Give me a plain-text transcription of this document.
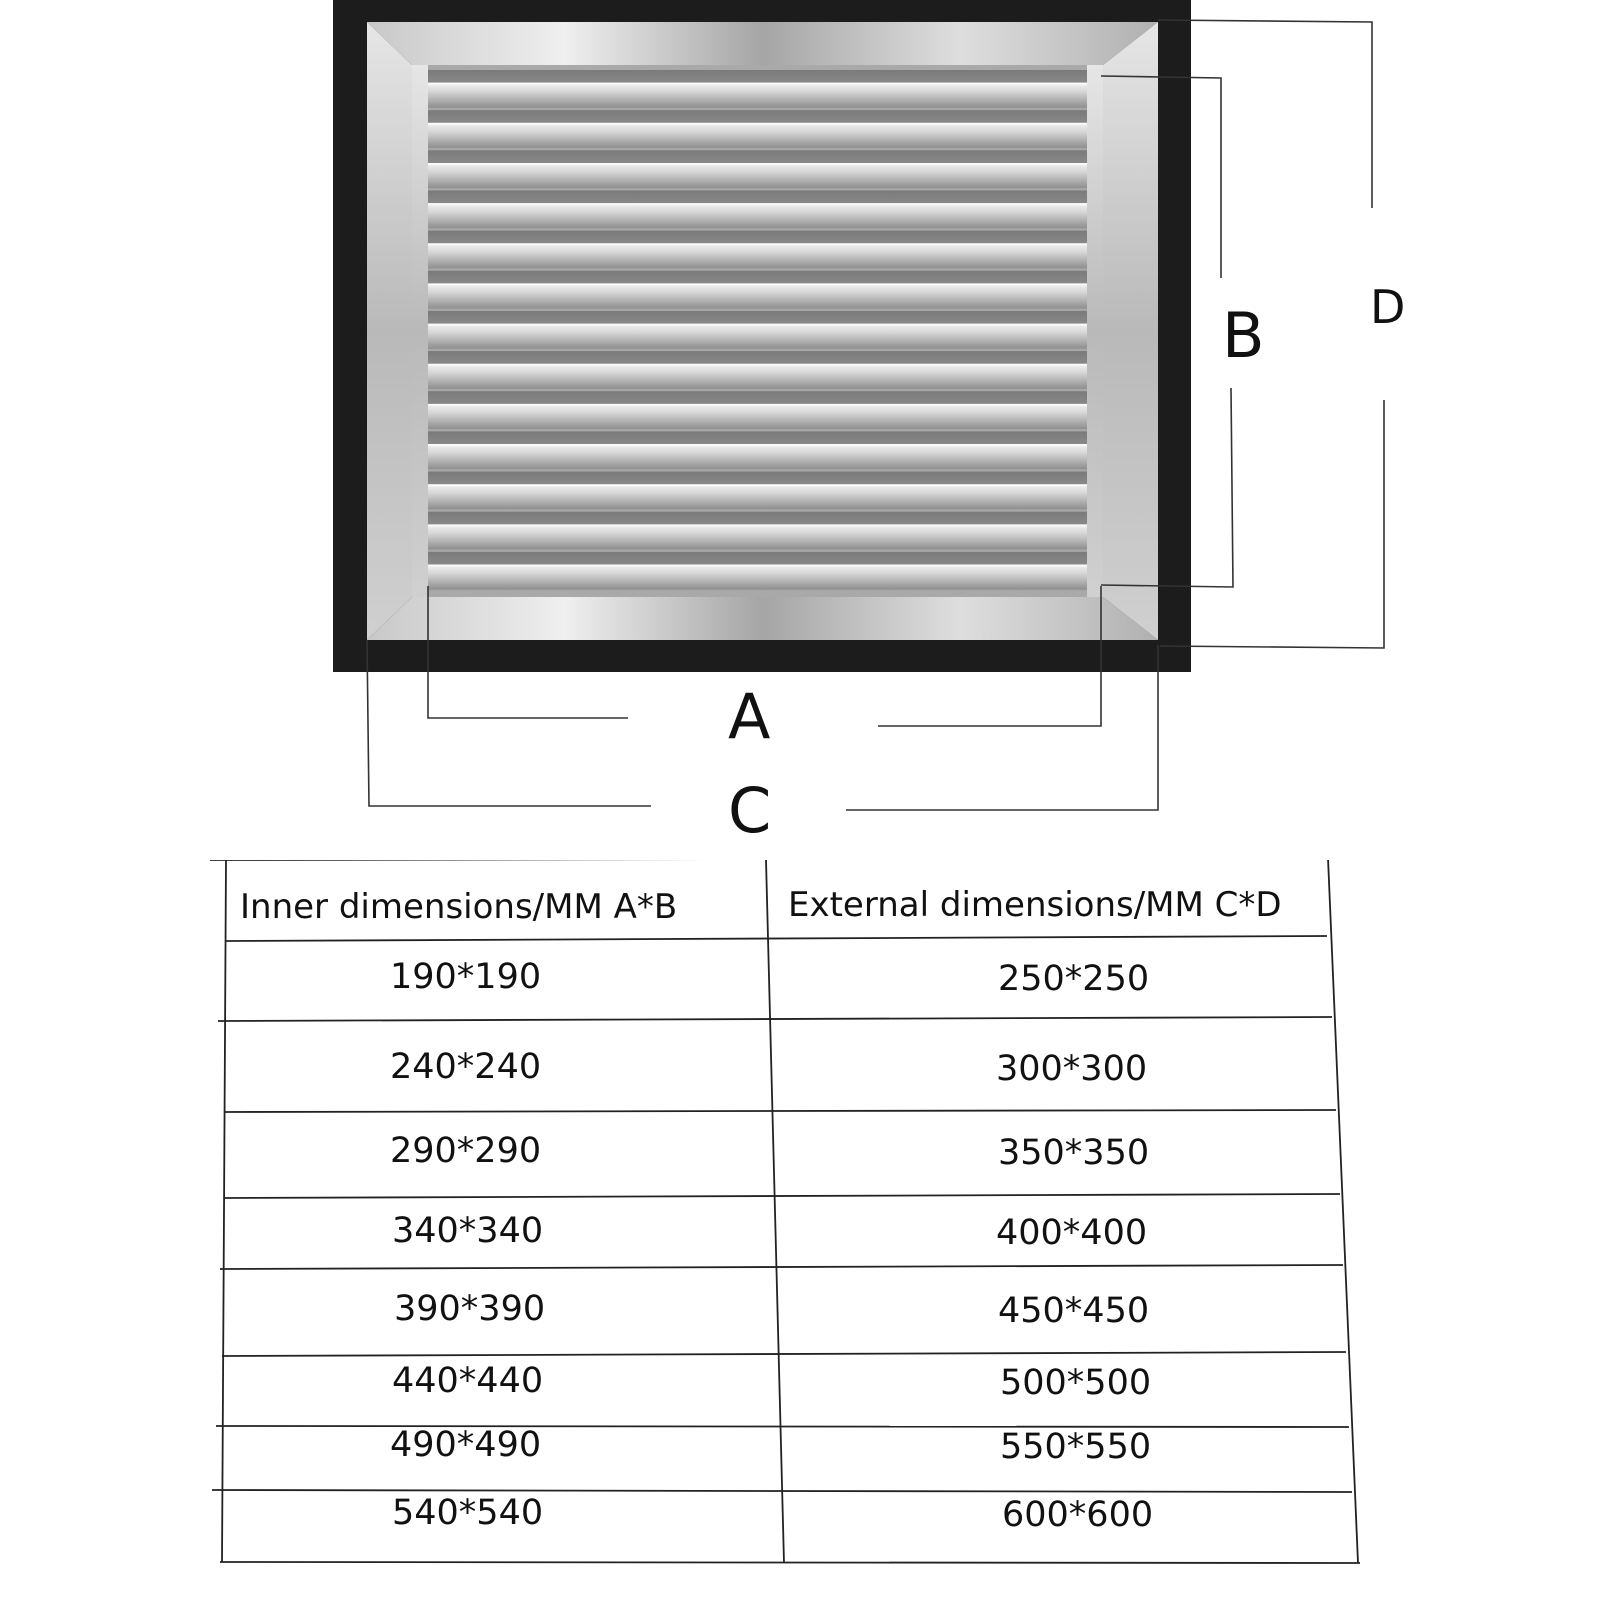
A
C
B D
Inner dimensions/MM A*B	External dimensions/MM C*D
190*190	250*250
240*240	300*300
290*290	350*350
340*340	400*400
390*390	450*450
440*440	500*500
490*490	550*550
540*540	600*600
